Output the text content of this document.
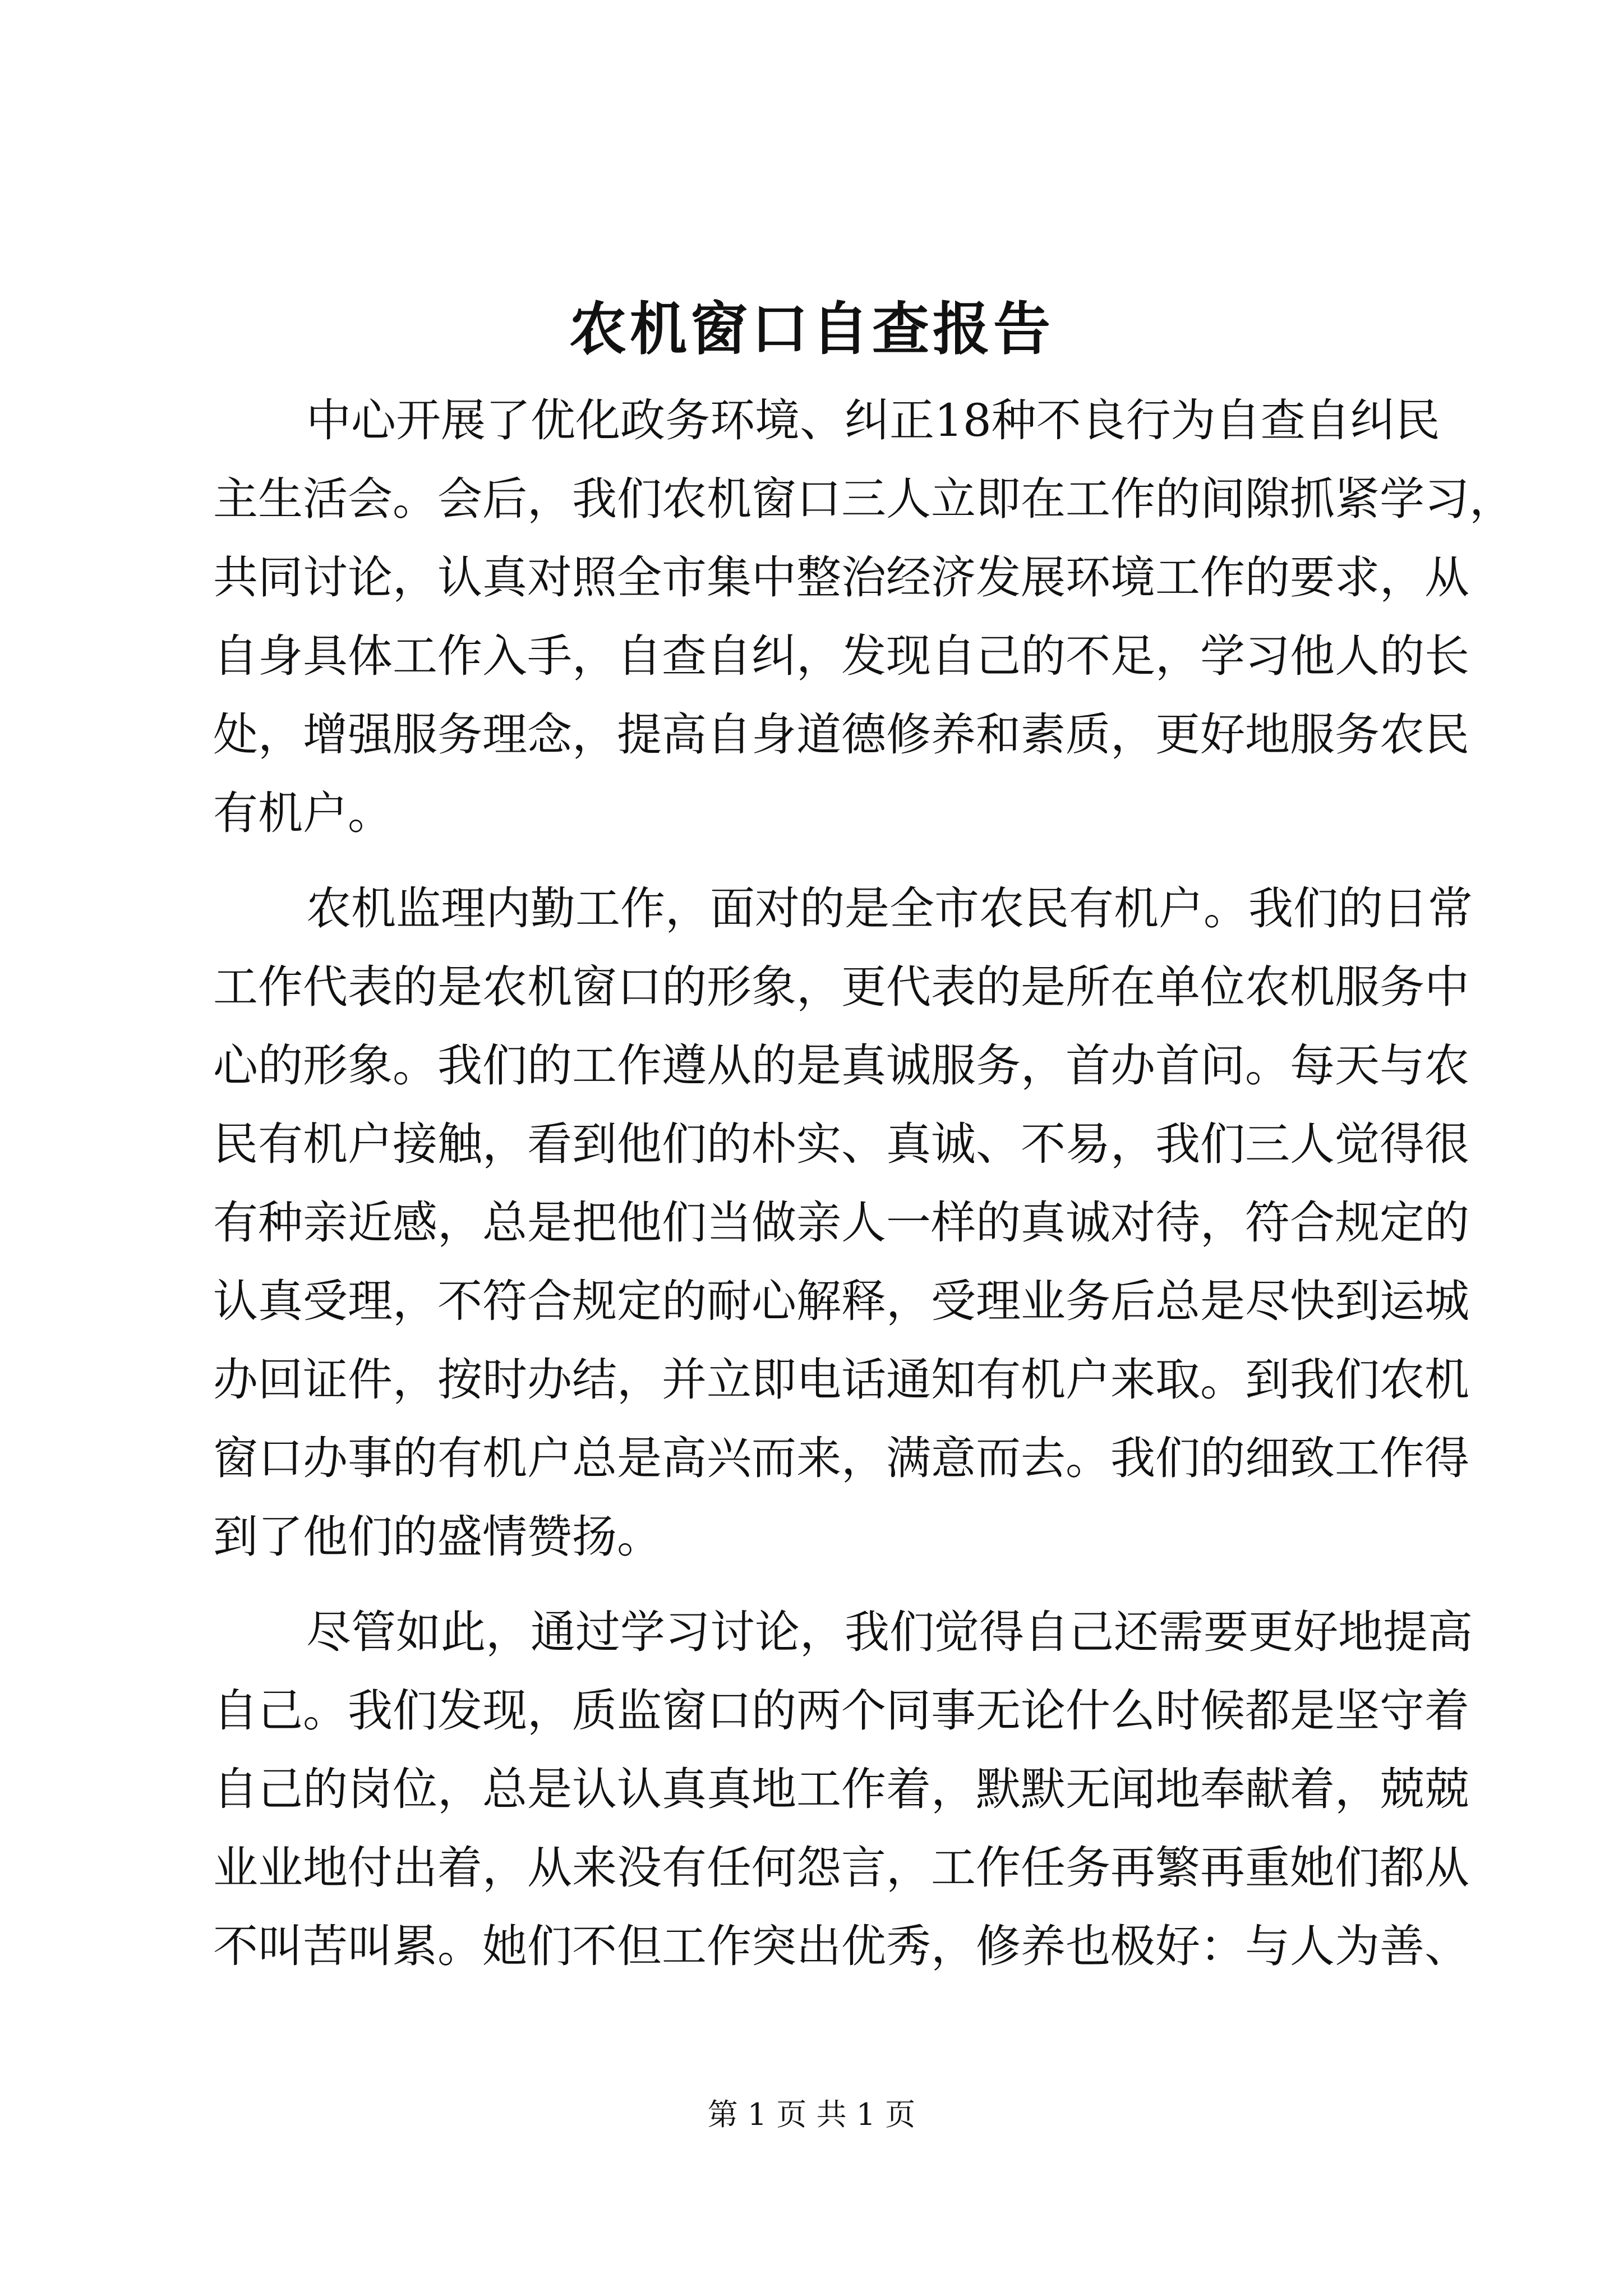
农机窗口自查报告
中心开展了优化政务环境、纠正18种不良行为自查自纠民
主生活会。会后，我们农机窗口三人立即在工作的间隙抓紧学习，
共同讨论，认真对照全市集中整治经济发展环境工作的要求，从
自身具体工作入手，自查自纠，发现自己的不足，学习他人的长
处，增强服务理念，提高自身道德修养和素质，更好地服务农民
有机户。
农机监理内勤工作，面对的是全市农民有机户。我们的日常
工作代表的是农机窗口的形象，更代表的是所在单位农机服务中
心的形象。我们的工作遵从的是真诚服务，首办首问。每天与农
民有机户接触，看到他们的朴实、真诚、不易，我们三人觉得很
有种亲近感，总是把他们当做亲人一样的真诚对待，符合规定的
认真受理，不符合规定的耐心解释，受理业务后总是尽快到运城
办回证件，按时办结，并立即电话通知有机户来取。到我们农机
窗口办事的有机户总是高兴而来，满意而去。我们的细致工作得
到了他们的盛情赞扬。
尽管如此，通过学习讨论，我们觉得自己还需要更好地提高
自己。我们发现，质监窗口的两个同事无论什么时候都是坚守着
自己的岗位，总是认认真真地工作着，默默无闻地奉献着，兢兢
业业地付出着，从来没有任何怨言，工作任务再繁再重她们都从
不叫苦叫累。她们不但工作突出优秀，修养也极好：与人为善、
第 1 页 共 1 页
